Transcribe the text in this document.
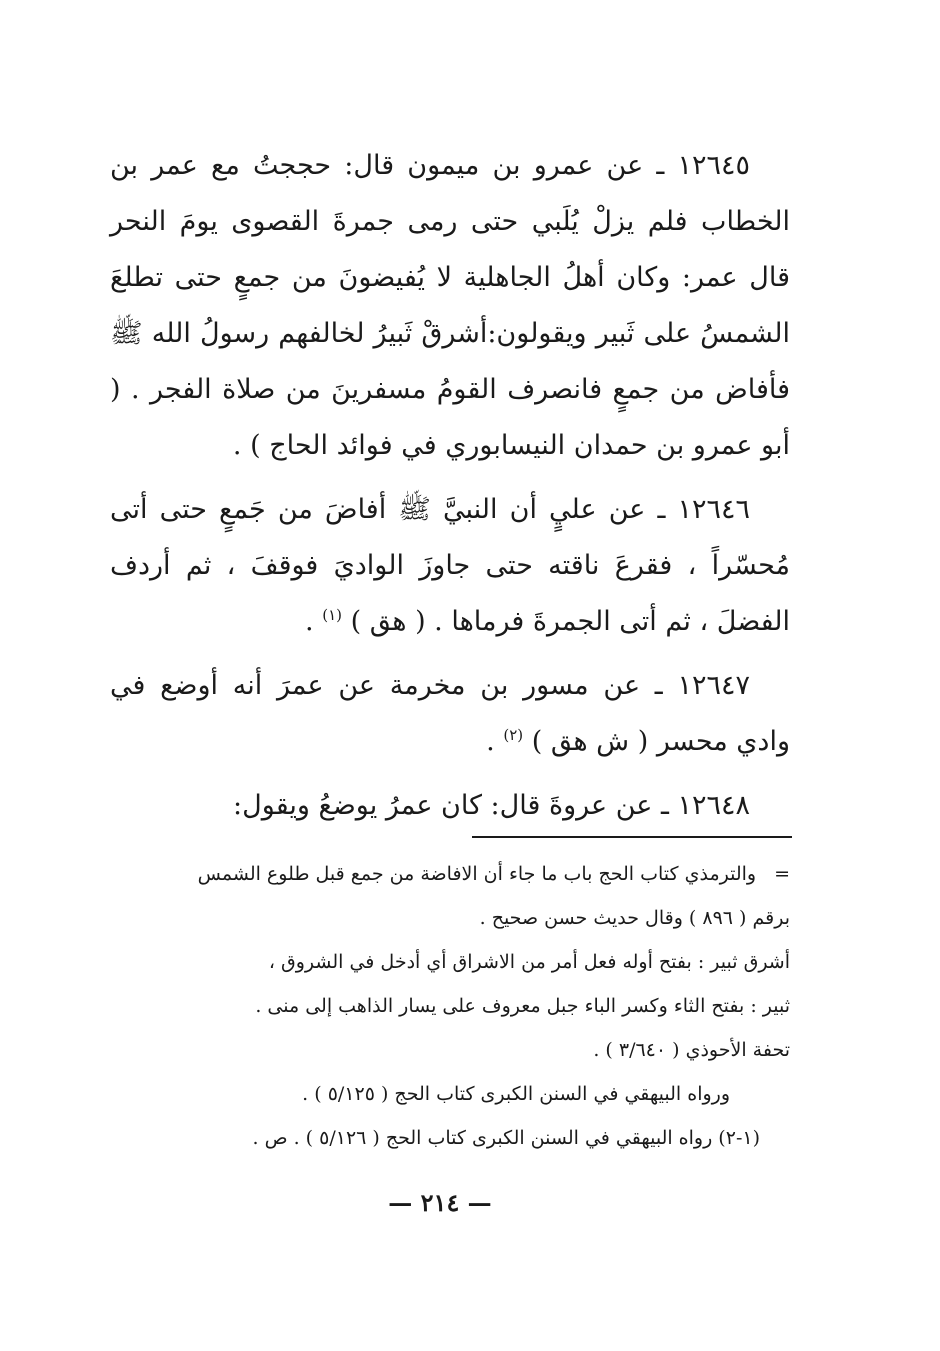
١٢٦٤٥ ـ عن عمرو بن ميمون قال: حججتُ مع عمر بن الخطاب فلم يزلْ يُلَبي حتى رمى جمرةَ القصوى يومَ النحر قال عمر: وكان أهلُ الجاهلية لا يُفيضونَ من جمعٍ حتى تطلعَ الشمسُ على ثَبير ويقولون:أشرقْ ثَبيرُ لخالفهم رسولُ الله ﷺ فأفاض من جمعٍ فانصرف القومُ مسفرينَ من صلاة الفجر . ( أبو عمرو بن حمدان النيسابوري في فوائد الحاج ) .

١٢٦٤٦ ـ عن عليٍ أن النبيَّ ﷺ أفاضَ من جَمعٍ حتى أتى مُحسّراً ، فقرعَ ناقته حتى جاوزَ الواديَ فوقفَ ، ثم أردف الفضلَ ، ثم أتى الجمرةَ فرماها . ( هق ) $^{(١)}$ .

١٢٦٤٧ ـ عن مسور بن مخرمة عن عمرَ أنه أوضع في وادي محسر ( ش هق ) $^{(٢)}$ .

١٢٦٤٨ ـ عن عروةَ قال: كان عمرُ يوضعُ ويقول:

=والترمذي كتاب الحج باب ما جاء أن الافاضة من جمع قبل طلوع الشمس
برقم ( ٨٩٦ ) وقال حديث حسن صحيح .
أشرق ثبير : بفتح أوله فعل أمر من الاشراق أي أدخل في الشروق ،
ثبير : بفتح الثاء وكسر الباء جبل معروف على يسار الذاهب إلى منى .
تحفة الأحوذي ( ٣/٦٤٠ ) .
ورواه البيهقي في السنن الكبرى كتاب الحج ( ٥/١٢٥ ) .
(١-٢) رواه البيهقي في السنن الكبرى كتاب الحج ( ٥/١٢٦ ) . ص .
— ٢١٤ —
